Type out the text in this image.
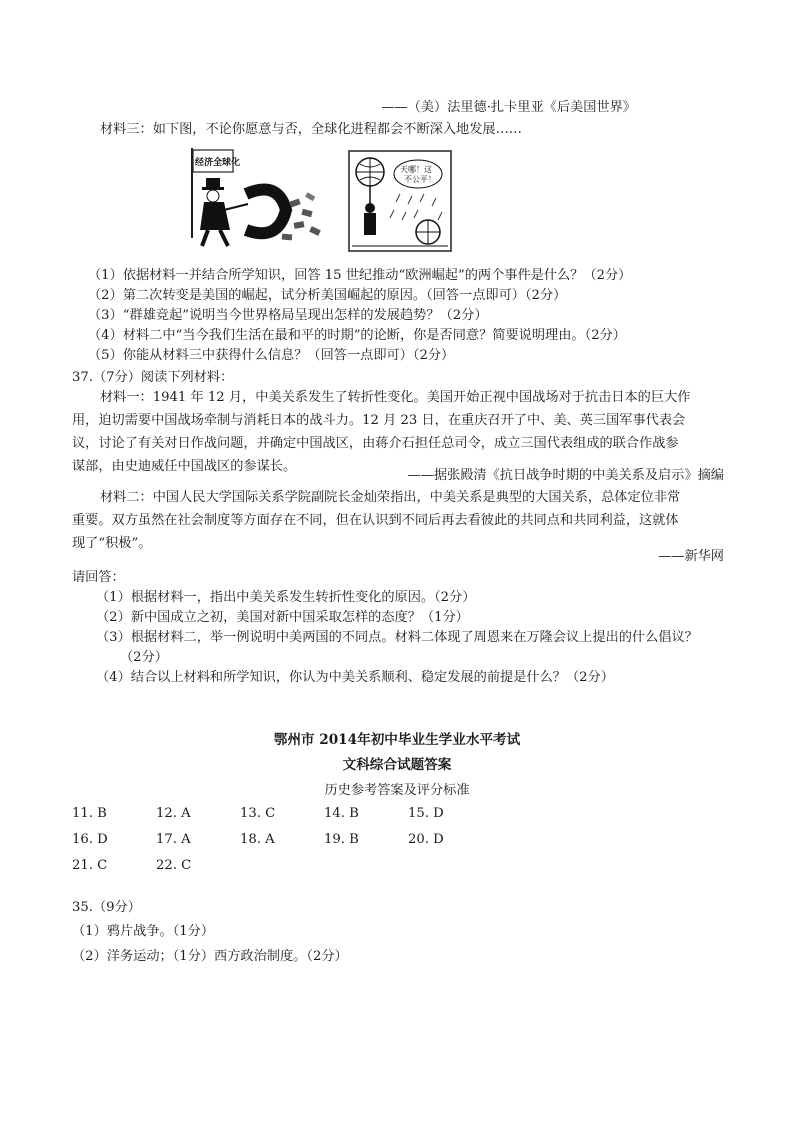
——（美）法里德·扎卡里亚《后美国世界》
材料三：如下图，不论你愿意与否，全球化进程都会不断深入地发展……
经济全球化
天哪！这
不公平！
（1）依据材料一并结合所学知识，回答 15 世纪推动“欧洲崛起”的两个事件是什么？（2分）
（2）第二次转变是美国的崛起，试分析美国崛起的原因。（回答一点即可）（2分）
（3）“群雄竞起”说明当今世界格局呈现出怎样的发展趋势？（2分）
（4）材料二中“当今我们生活在最和平的时期”的论断，你是否同意？简要说明理由。（2分）
（5）你能从材料三中获得什么信息？（回答一点即可）（2分）
37.（7分）阅读下列材料：
材料一：1941 年 12 月，中美关系发生了转折性变化。美国开始正视中国战场对于抗击日本的巨大作
用，迫切需要中国战场牵制与消耗日本的战斗力。12 月 23 日，在重庆召开了中、美、英三国军事代表会
议，讨论了有关对日作战问题，并确定中国战区，由蒋介石担任总司令，成立三国代表组成的联合作战参
谋部，由史迪威任中国战区的参谋长。
——据张殿清《抗日战争时期的中美关系及启示》摘编
材料二：中国人民大学国际关系学院副院长金灿荣指出，中美关系是典型的大国关系，总体定位非常
重要。双方虽然在社会制度等方面存在不同，但在认识到不同后再去看彼此的共同点和共同利益，这就体
现了“积极”。
——新华网
请回答：
（1）根据材料一，指出中美关系发生转折性变化的原因。（2分）
（2）新中国成立之初，美国对新中国采取怎样的态度？（1分）
（3）根据材料二，举一例说明中美两国的不同点。材料二体现了周恩来在万隆会议上提出的什么倡议？
（2分）
（4）结合以上材料和所学知识，你认为中美关系顺利、稳定发展的前提是什么？（2分）
鄂州市 2014年初中毕业生学业水平考试
文科综合试题答案
历史参考答案及评分标准
11. B	12. A	13. C	14. B	15. D
16. D	17. A	18. A	19. B	20. D
21. C	22. C
35.（9分）
（1）鸦片战争。（1分）
（2）洋务运动；（1分）西方政治制度。（2分）
